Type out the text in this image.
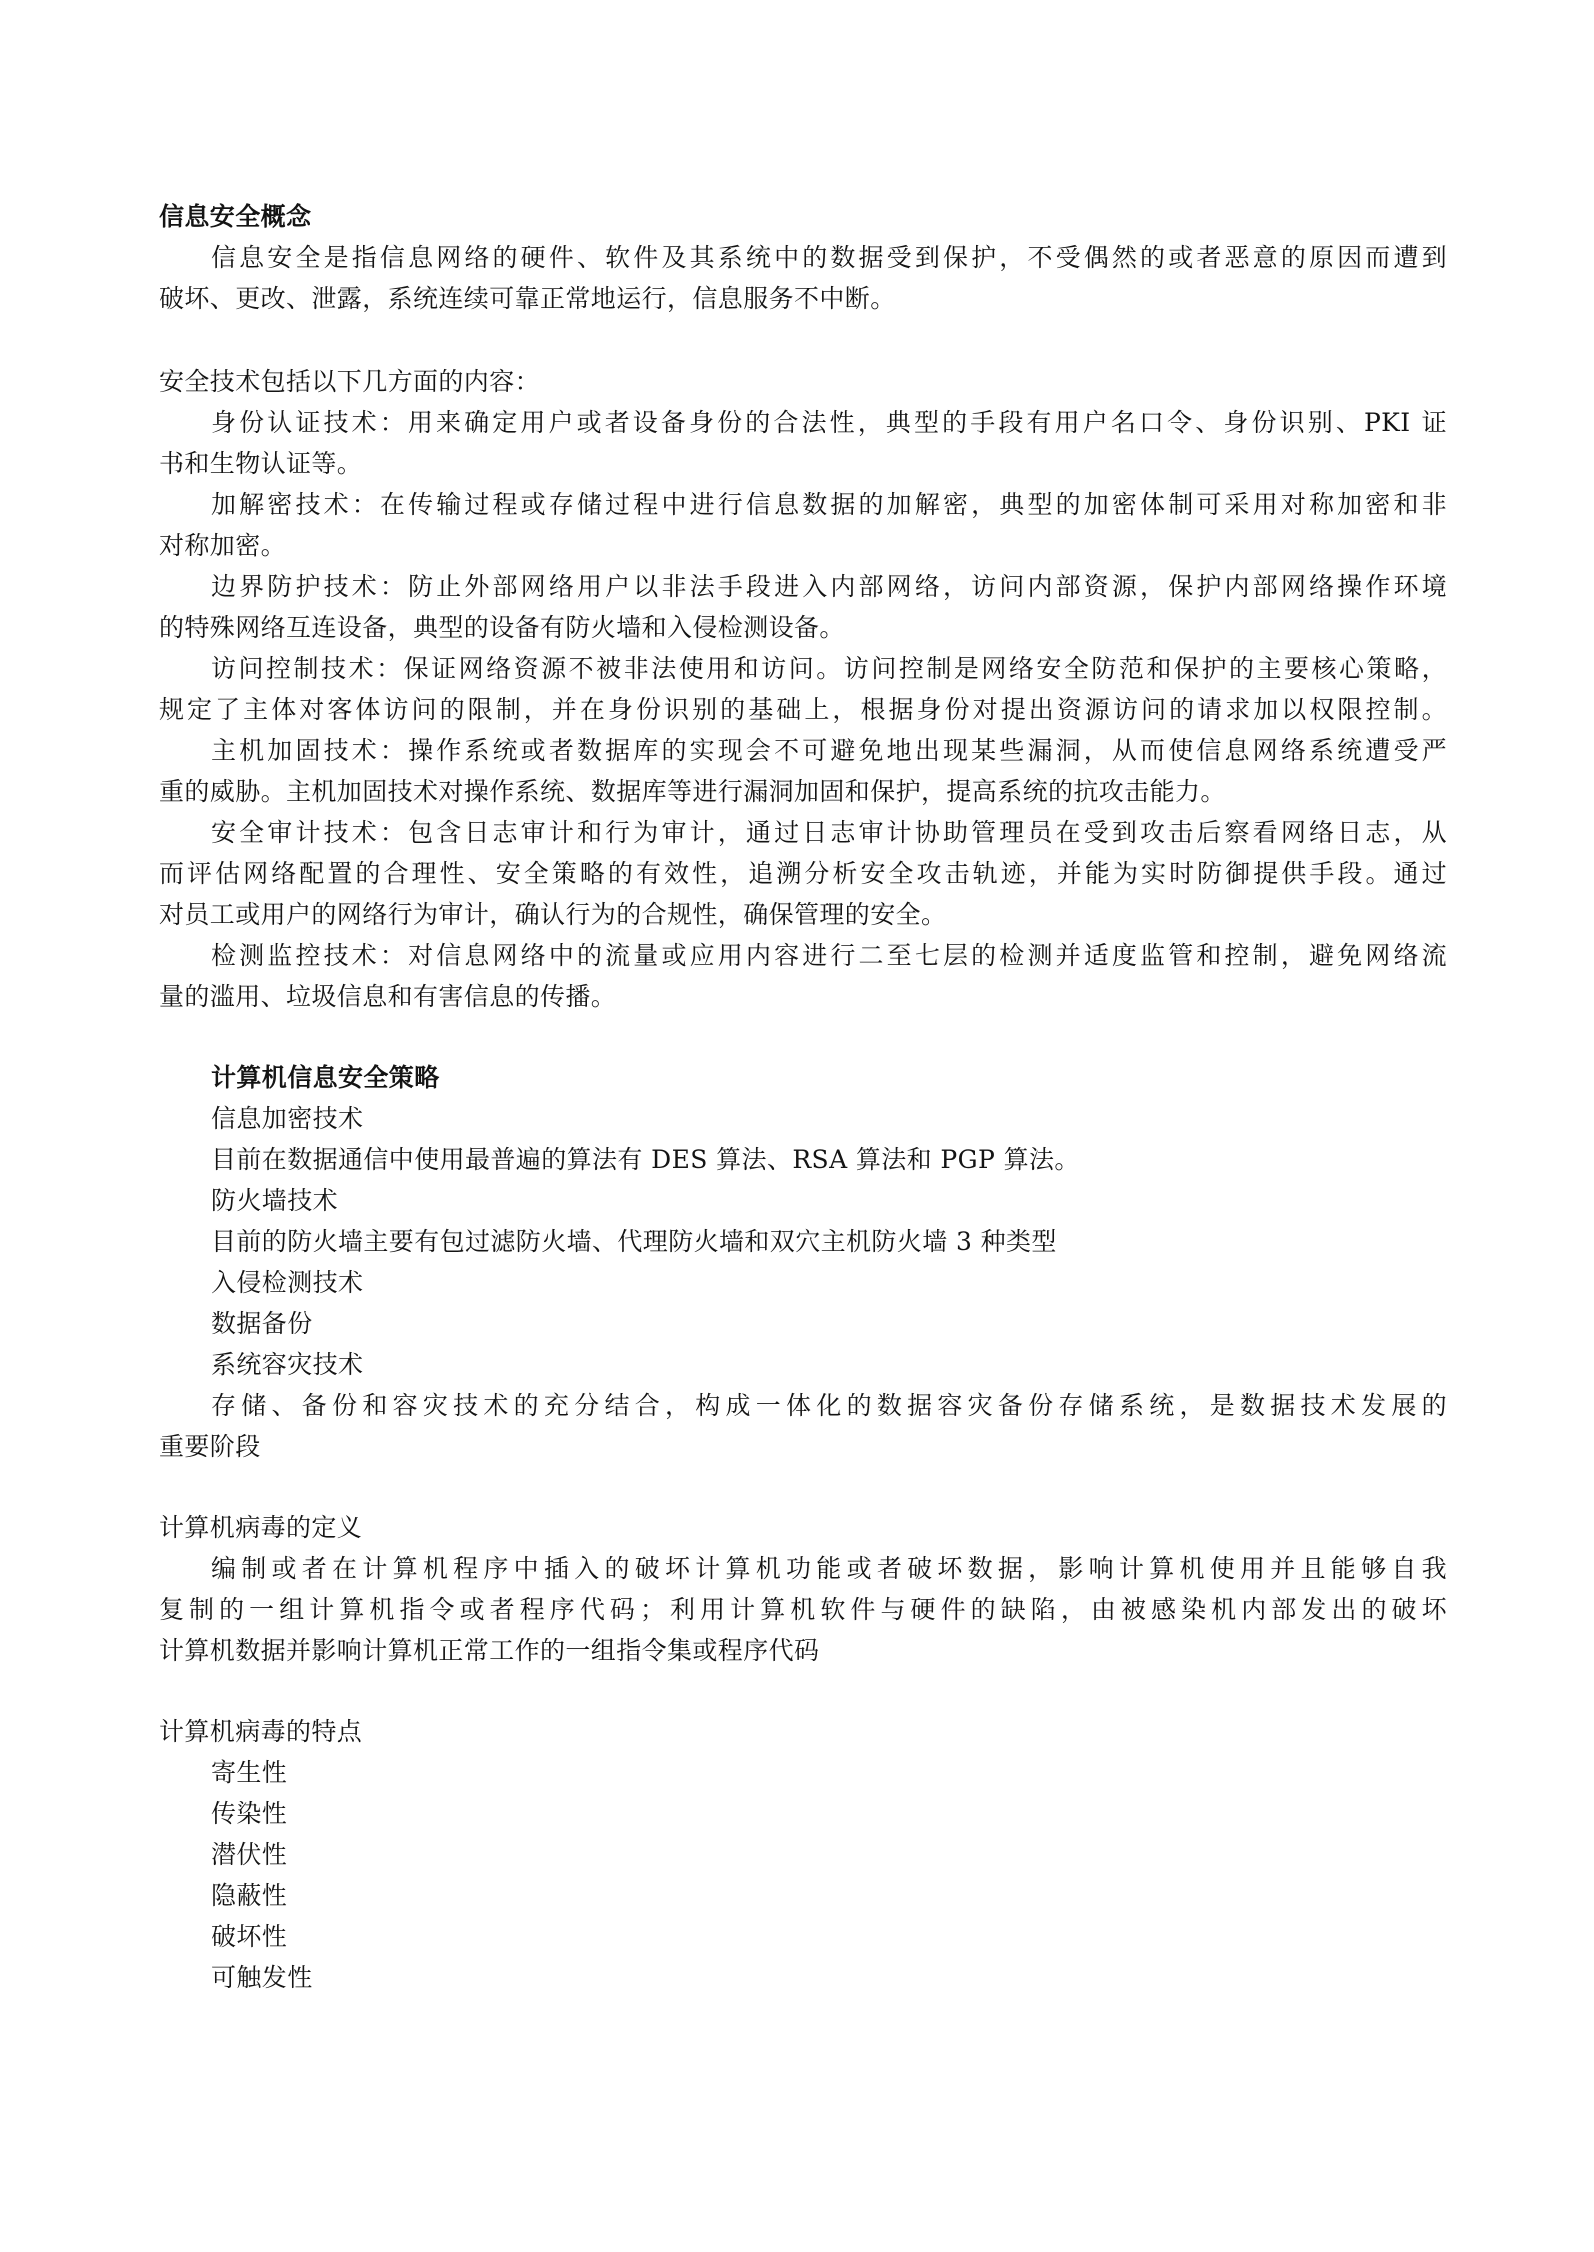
信息安全概念
信息安全是指信息网络的硬件、软件及其系统中的数据受到保护，不受偶然的或者恶意的原因而遭到
破坏、更改、泄露，系统连续可靠正常地运行，信息服务不中断。
安全技术包括以下几方面的内容：
身份认证技术：用来确定用户或者设备身份的合法性，典型的手段有用户名口令、身份识别、PKI 证
书和生物认证等。
加解密技术：在传输过程或存储过程中进行信息数据的加解密，典型的加密体制可采用对称加密和非
对称加密。
边界防护技术：防止外部网络用户以非法手段进入内部网络，访问内部资源，保护内部网络操作环境
的特殊网络互连设备，典型的设备有防火墙和入侵检测设备。
访问控制技术：保证网络资源不被非法使用和访问。访问控制是网络安全防范和保护的主要核心策略，
规定了主体对客体访问的限制，并在身份识别的基础上，根据身份对提出资源访问的请求加以权限控制。
主机加固技术：操作系统或者数据库的实现会不可避免地出现某些漏洞，从而使信息网络系统遭受严
重的威胁。主机加固技术对操作系统、数据库等进行漏洞加固和保护，提高系统的抗攻击能力。
安全审计技术：包含日志审计和行为审计，通过日志审计协助管理员在受到攻击后察看网络日志，从
而评估网络配置的合理性、安全策略的有效性，追溯分析安全攻击轨迹，并能为实时防御提供手段。通过
对员工或用户的网络行为审计，确认行为的合规性，确保管理的安全。
检测监控技术：对信息网络中的流量或应用内容进行二至七层的检测并适度监管和控制，避免网络流
量的滥用、垃圾信息和有害信息的传播。
计算机信息安全策略
信息加密技术
目前在数据通信中使用最普遍的算法有 DES 算法、RSA 算法和 PGP 算法。
防火墙技术
目前的防火墙主要有包过滤防火墙、代理防火墙和双穴主机防火墙 3 种类型
入侵检测技术
数据备份
系统容灾技术
存储、备份和容灾技术的充分结合，构成一体化的数据容灾备份存储系统，是数据技术发展的
重要阶段
计算机病毒的定义
编制或者在计算机程序中插入的破坏计算机功能或者破坏数据，影响计算机使用并且能够自我
复制的一组计算机指令或者程序代码；利用计算机软件与硬件的缺陷，由被感染机内部发出的破坏
计算机数据并影响计算机正常工作的一组指令集或程序代码
计算机病毒的特点
寄生性
传染性
潜伏性
隐蔽性
破坏性
可触发性
